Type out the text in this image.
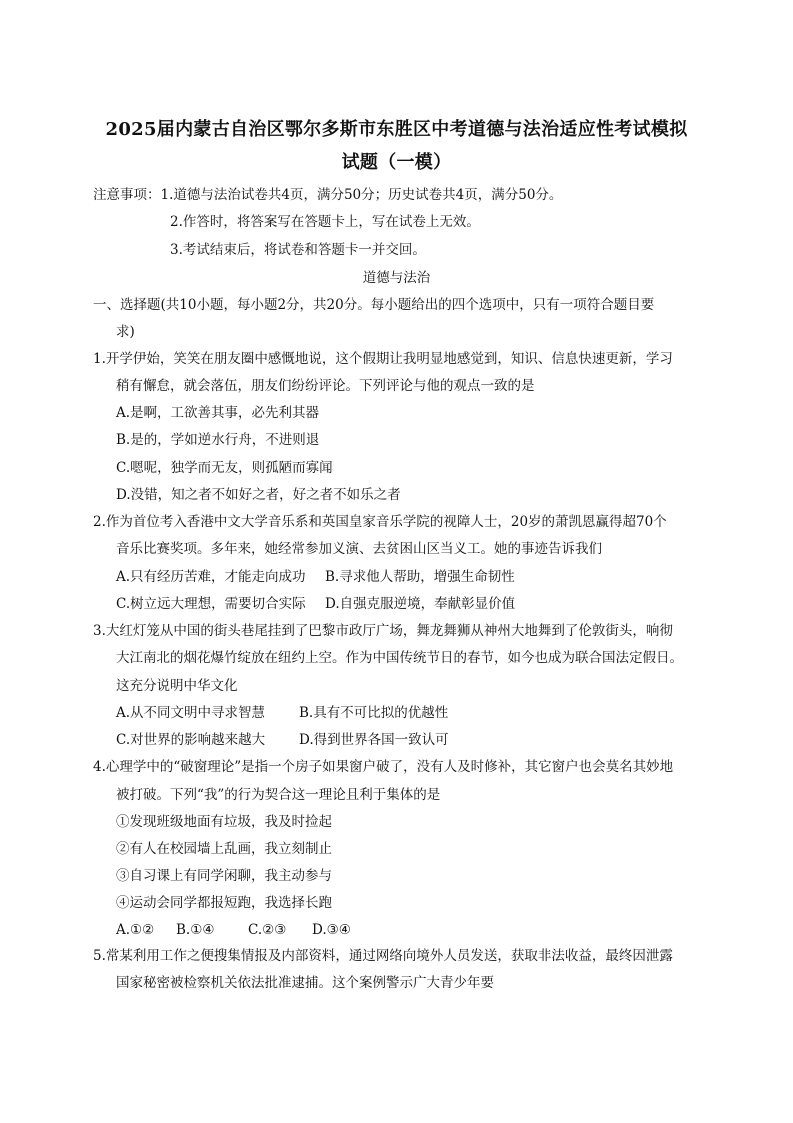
2025届内蒙古自治区鄂尔多斯市东胜区中考道德与法治适应性考试模拟
试题（一模）
注意事项：1.道德与法治试卷共4页，满分50分；历史试卷共4页，满分50分。
2.作答时，将答案写在答题卡上，写在试卷上无效。
3.考试结束后，将试卷和答题卡一并交回。
道德与法治
一、选择题(共10小题，每小题2分，共20分。每小题给出的四个选项中，只有一项符合题目要
求)
1.开学伊始，笑笑在朋友圈中感慨地说，这个假期让我明显地感觉到，知识、信息快速更新，学习
稍有懈怠，就会落伍，朋友们纷纷评论。下列评论与他的观点一致的是
A.是啊，工欲善其事，必先利其器
B.是的，学如逆水行舟，不进则退
C.嗯呢，独学而无友，则孤陋而寡闻
D.没错，知之者不如好之者，好之者不如乐之者
2.作为首位考入香港中文大学音乐系和英国皇家音乐学院的视障人士，20岁的萧凯恩赢得超70个
音乐比赛奖项。多年来，她经常参加义演、去贫困山区当义工。她的事迹告诉我们
A.只有经历苦难，才能走向成功 B.寻求他人帮助，增强生命韧性
C.树立远大理想，需要切合实际 D.自强克服逆境，奉献彰显价值
3.大红灯笼从中国的街头巷尾挂到了巴黎市政厅广场，舞龙舞狮从神州大地舞到了伦敦街头，响彻
大江南北的烟花爆竹绽放在纽约上空。作为中国传统节日的春节，如今也成为联合国法定假日。
这充分说明中华文化
A.从不同文明中寻求智慧	B.具有不可比拟的优越性
C.对世界的影响越来越大	D.得到世界各国一致认可
4.心理学中的“破窗理论”是指一个房子如果窗户破了，没有人及时修补，其它窗户也会莫名其妙地
被打破。下列“我”的行为契合这一理论且利于集体的是
①发现班级地面有垃圾，我及时捡起
②有人在校园墙上乱画，我立刻制止
③自习课上有同学闲聊，我主动参与
④运动会同学都报短跑，我选择长跑
A.①② B.①④ C.②③ D.③④
5.常某利用工作之便搜集情报及内部资料，通过网络向境外人员发送，获取非法收益，最终因泄露
国家秘密被检察机关依法批准逮捕。这个案例警示广大青少年要
